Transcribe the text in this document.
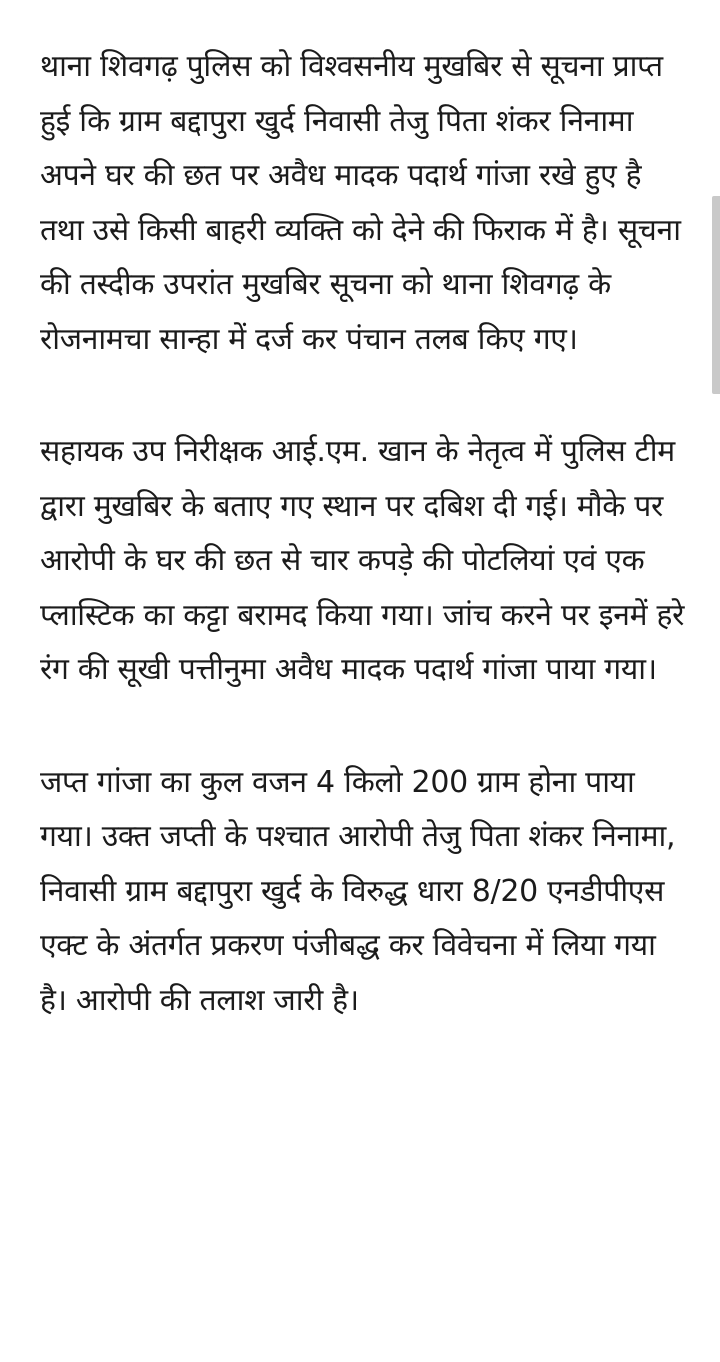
थाना शिवगढ़ पुलिस को विश्वसनीय मुखबिर से सूचना प्राप्त हुई कि ग्राम बद्दापुरा खुर्द निवासी तेजु पिता शंकर निनामा अपने घर की छत पर अवैध मादक पदार्थ गांजा रखे हुए है तथा उसे किसी बाहरी व्यक्ति को देने की फिराक में है। सूचना की तस्दीक उपरांत मुखबिर सूचना को थाना शिवगढ़ के रोजनामचा सान्हा में दर्ज कर पंचान तलब किए गए।

सहायक उप निरीक्षक आई.एम. खान के नेतृत्व में पुलिस टीम द्वारा मुखबिर के बताए गए स्थान पर दबिश दी गई। मौके पर आरोपी के घर की छत से चार कपड़े की पोटलियां एवं एक प्लास्टिक का कट्टा बरामद किया गया। जांच करने पर इनमें हरे रंग की सूखी पत्तीनुमा अवैध मादक पदार्थ गांजा पाया गया।

जप्त गांजा का कुल वजन 4 किलो 200 ग्राम होना पाया गया। उक्त जप्ती के पश्चात आरोपी तेजु पिता शंकर निनामा, निवासी ग्राम बद्दापुरा खुर्द के विरुद्ध धारा 8/20 एनडीपीएस एक्ट के अंतर्गत प्रकरण पंजीबद्ध कर विवेचना में लिया गया है। आरोपी की तलाश जारी है।
